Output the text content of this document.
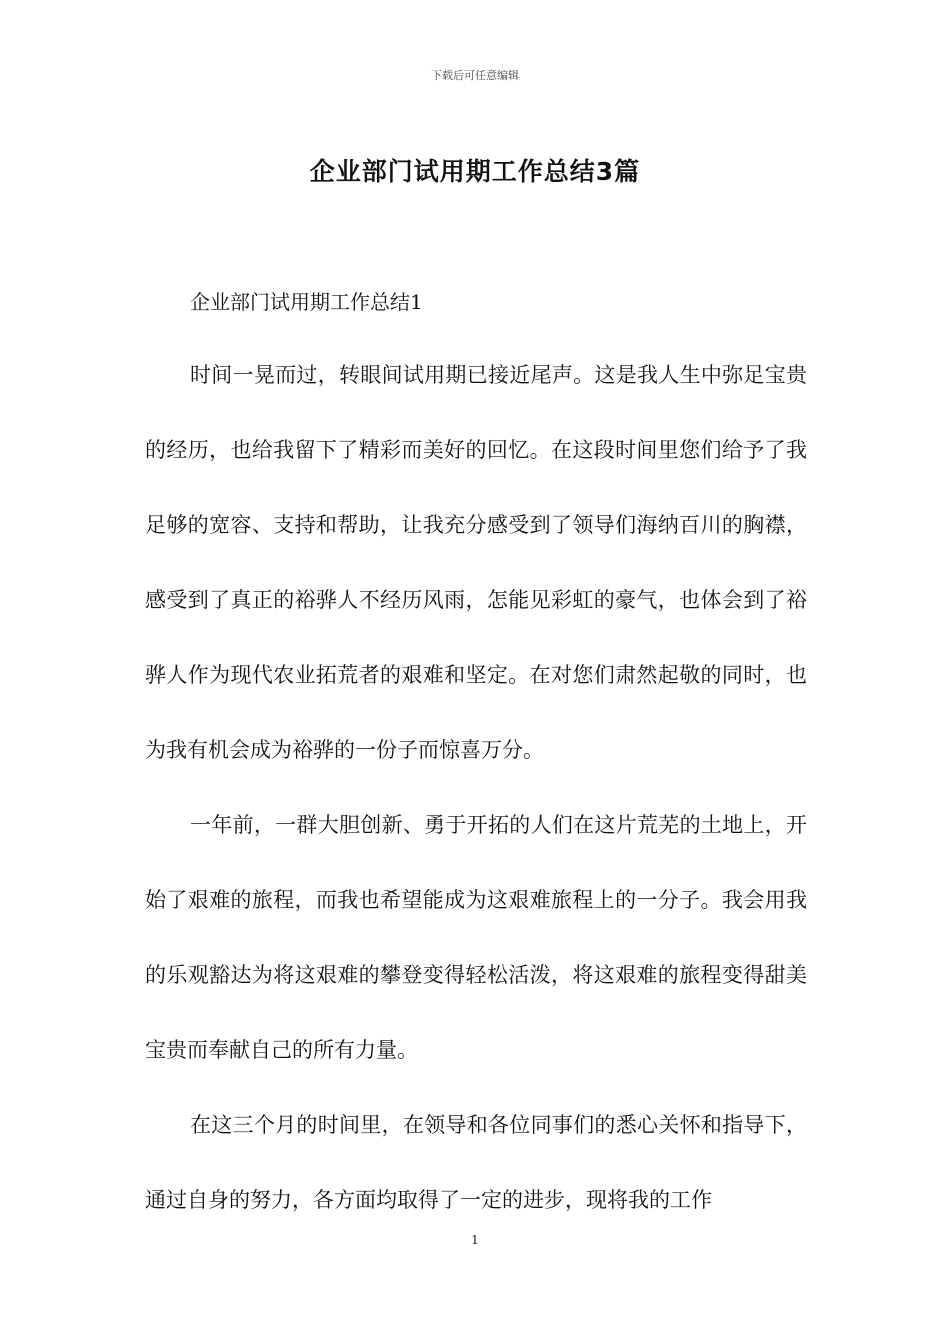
下载后可任意编辑
企业部门试用期工作总结3篇
企业部门试用期工作总结1

时间一晃而过，转眼间试用期已接近尾声。这是我人生中弥足宝贵的经历，也给我留下了精彩而美好的回忆。在这段时间里您们给予了我足够的宽容、支持和帮助，让我充分感受到了领导们海纳百川的胸襟，感受到了真正的裕骅人不经历风雨，怎能见彩虹的豪气，也体会到了裕骅人作为现代农业拓荒者的艰难和坚定。在对您们肃然起敬的同时，也为我有机会成为裕骅的一份子而惊喜万分。

一年前，一群大胆创新、勇于开拓的人们在这片荒芜的土地上，开始了艰难的旅程，而我也希望能成为这艰难旅程上的一分子。我会用我的乐观豁达为将这艰难的攀登变得轻松活泼，将这艰难的旅程变得甜美宝贵而奉献自己的所有力量。

在这三个月的时间里，在领导和各位同事们的悉心关怀和指导下，通过自身的努力，各方面均取得了一定的进步，现将我的工作

1
